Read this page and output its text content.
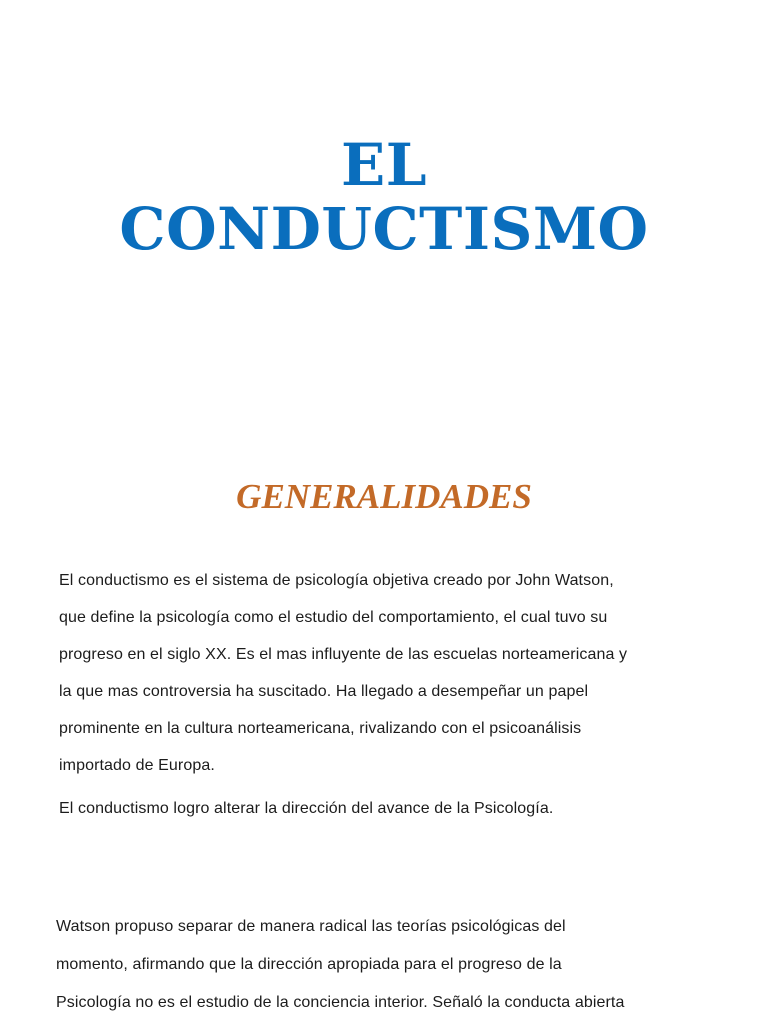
EL
CONDUCTISMO
GENERALIDADES

El conductismo es el sistema de psicología objetiva creado por John Watson,
que define la psicología como el estudio del comportamiento, el cual tuvo su
progreso en el siglo XX. Es el mas influyente de las escuelas norteamericana y
la que mas controversia ha suscitado. Ha llegado a desempeñar un papel
prominente en la cultura norteamericana, rivalizando con el psicoanálisis
importado de Europa.

El conductismo logro alterar la dirección del avance de la Psicología.

Watson propuso separar de manera radical las teorías psicológicas del
momento, afirmando que la dirección apropiada para el progreso de la
Psicología no es el estudio de la conciencia interior. Señaló la conducta abierta
